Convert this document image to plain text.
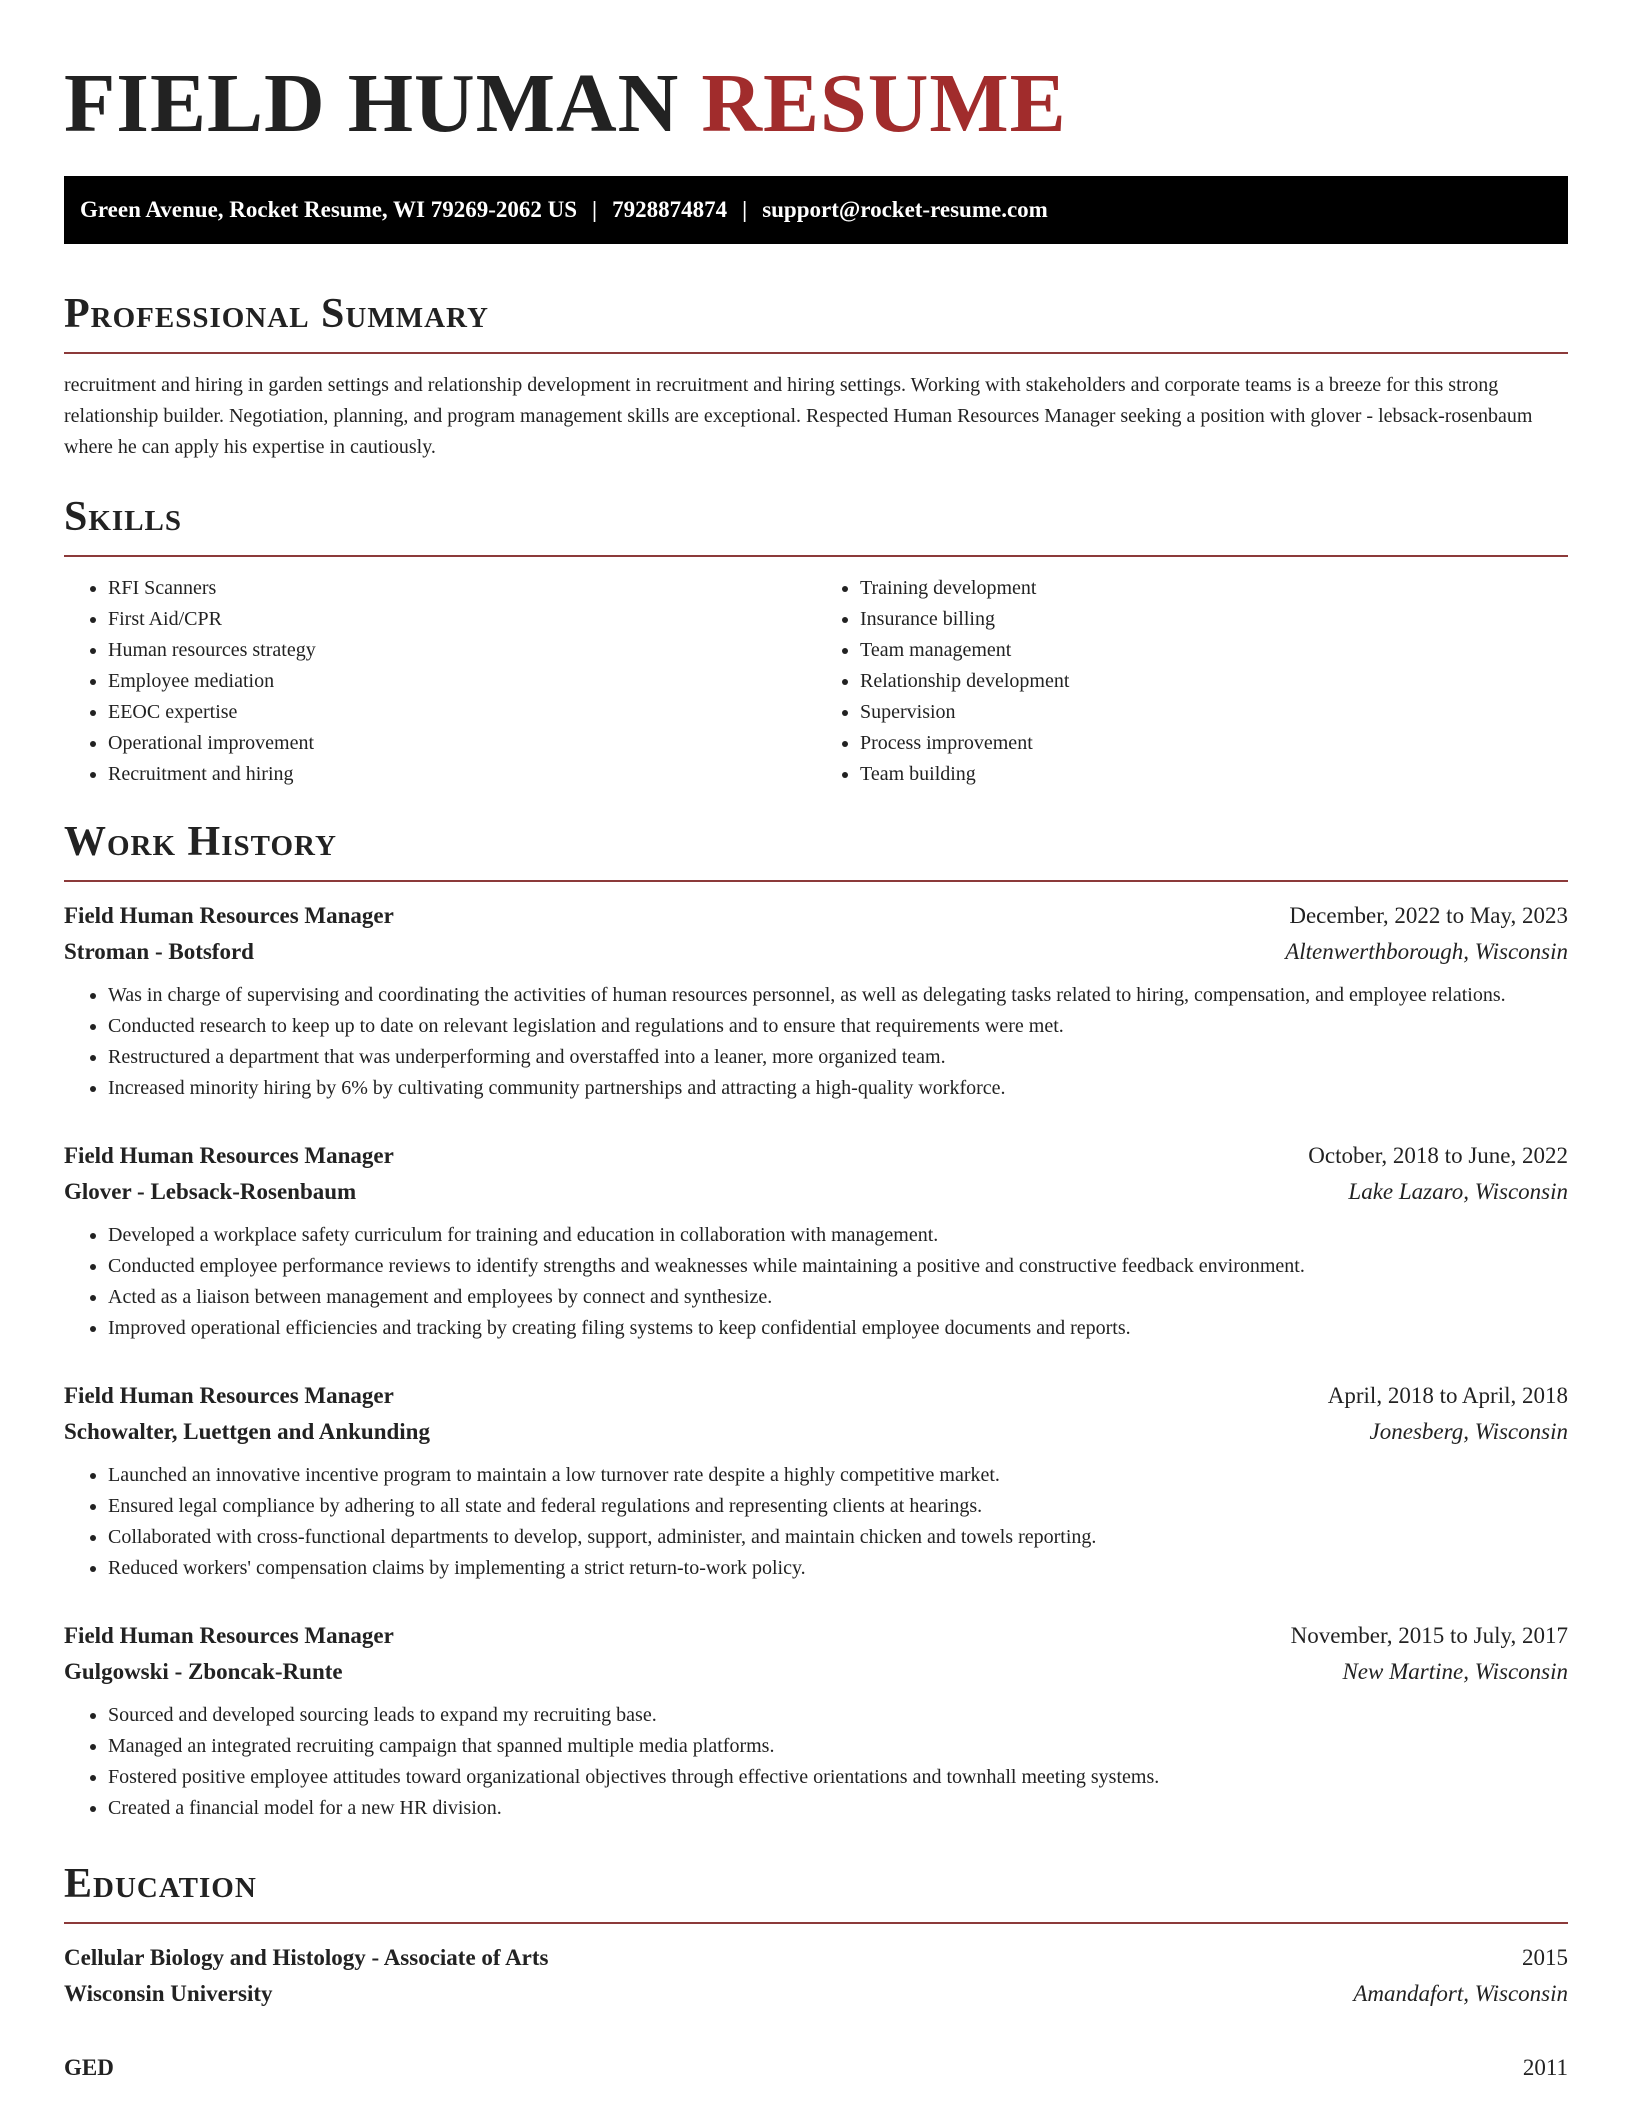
FIELD HUMAN RESUME
Green Avenue, Rocket Resume, WI 79269-2062 US | 7928874874 | support@rocket-resume.com
Professional Summary

recruitment and hiring in garden settings and relationship development in recruitment and hiring settings. Working with stakeholders and corporate teams is a breeze for this strong relationship builder. Negotiation, planning, and program management skills are exceptional. Respected Human Resources Manager seeking a position with glover - lebsack-rosenbaum where he can apply his expertise in cautiously.

Skills
• RFI Scanners
• First Aid/CPR
• Human resources strategy
• Employee mediation
• EEOC expertise
• Operational improvement
• Recruitment and hiring
• Training development
• Insurance billing
• Team management
• Relationship development
• Supervision
• Process improvement
• Team building
Work History
Field Human Resources Manager	December, 2022 to May, 2023
Stroman - Botsford	Altenwerthborough, Wisconsin
• Was in charge of supervising and coordinating the activities of human resources personnel, as well as delegating tasks related to hiring, compensation, and employee relations.
• Conducted research to keep up to date on relevant legislation and regulations and to ensure that requirements were met.
• Restructured a department that was underperforming and overstaffed into a leaner, more organized team.
• Increased minority hiring by 6% by cultivating community partnerships and attracting a high-quality workforce.
Field Human Resources Manager	October, 2018 to June, 2022
Glover - Lebsack-Rosenbaum	Lake Lazaro, Wisconsin
• Developed a workplace safety curriculum for training and education in collaboration with management.
• Conducted employee performance reviews to identify strengths and weaknesses while maintaining a positive and constructive feedback environment.
• Acted as a liaison between management and employees by connect and synthesize.
• Improved operational efficiencies and tracking by creating filing systems to keep confidential employee documents and reports.
Field Human Resources Manager	April, 2018 to April, 2018
Schowalter, Luettgen and Ankunding	Jonesberg, Wisconsin
• Launched an innovative incentive program to maintain a low turnover rate despite a highly competitive market.
• Ensured legal compliance by adhering to all state and federal regulations and representing clients at hearings.
• Collaborated with cross-functional departments to develop, support, administer, and maintain chicken and towels reporting.
• Reduced workers' compensation claims by implementing a strict return-to-work policy.
Field Human Resources Manager	November, 2015 to July, 2017
Gulgowski - Zboncak-Runte	New Martine, Wisconsin
• Sourced and developed sourcing leads to expand my recruiting base.
• Managed an integrated recruiting campaign that spanned multiple media platforms.
• Fostered positive employee attitudes toward organizational objectives through effective orientations and townhall meeting systems.
• Created a financial model for a new HR division.
Education
Cellular Biology and Histology - Associate of Arts	2015
Wisconsin University	Amandafort, Wisconsin
GED	2011
